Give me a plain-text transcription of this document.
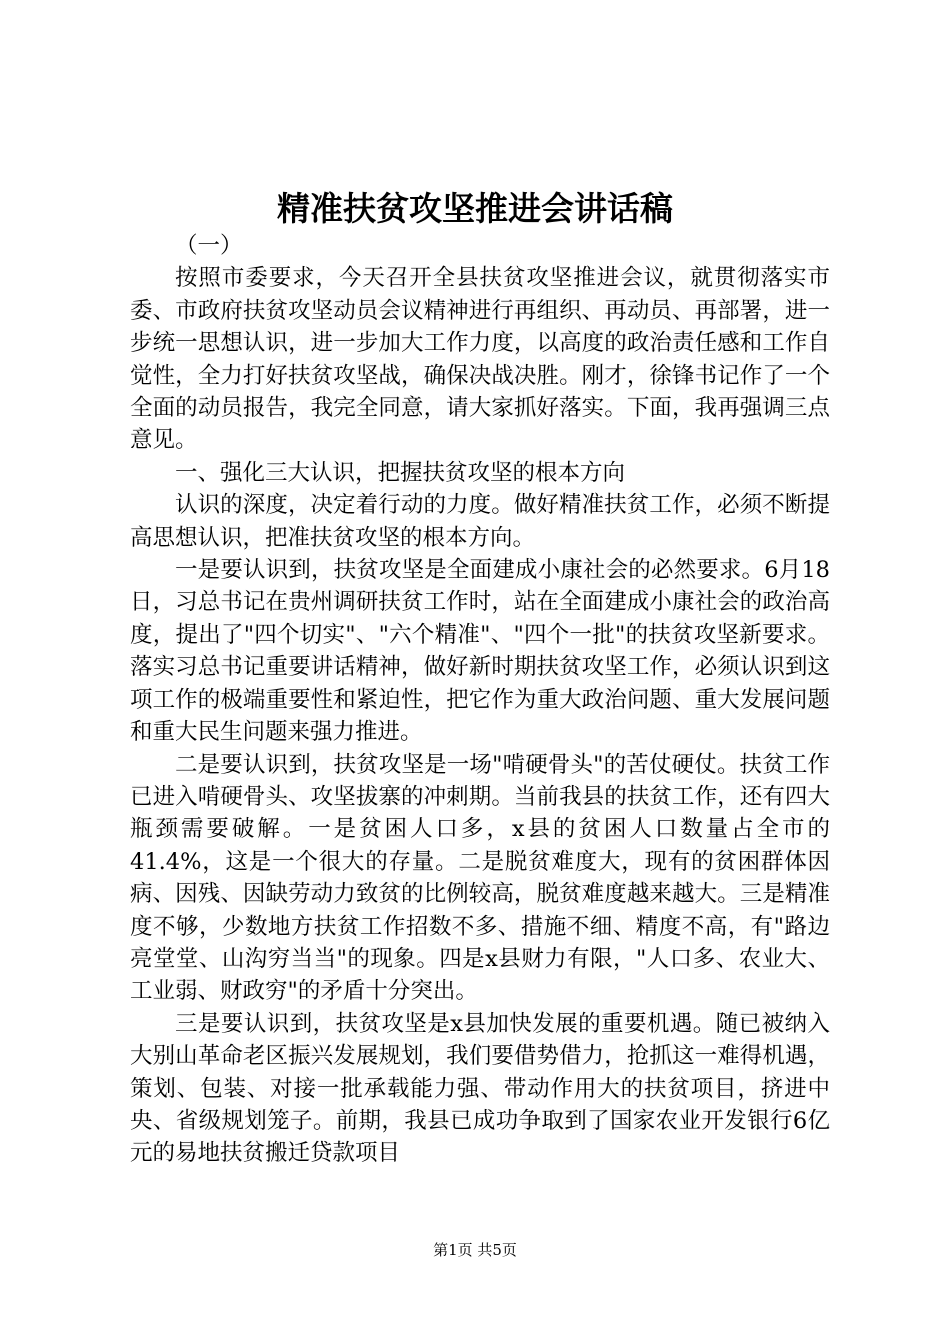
精准扶贫攻坚推进会讲话稿

（一）

按照市委要求，今天召开全县扶贫攻坚推进会议，就贯彻落实市委、市政府扶贫攻坚动员会议精神进行再组织、再动员、再部署，进一步统一思想认识，进一步加大工作力度，以高度的政治责任感和工作自觉性，全力打好扶贫攻坚战，确保决战决胜。刚才，徐锋书记作了一个全面的动员报告，我完全同意，请大家抓好落实。下面，我再强调三点意见。

一、强化三大认识，把握扶贫攻坚的根本方向

认识的深度，决定着行动的力度。做好精准扶贫工作，必须不断提高思想认识，把准扶贫攻坚的根本方向。

一是要认识到，扶贫攻坚是全面建成小康社会的必然要求。6月18日，习总书记在贵州调研扶贫工作时，站在全面建成小康社会的政治高度，提出了"四个切实"、"六个精准"、"四个一批"的扶贫攻坚新要求。落实习总书记重要讲话精神，做好新时期扶贫攻坚工作，必须认识到这项工作的极端重要性和紧迫性，把它作为重大政治问题、重大发展问题和重大民生问题来强力推进。

二是要认识到，扶贫攻坚是一场"啃硬骨头"的苦仗硬仗。扶贫工作已进入啃硬骨头、攻坚拔寨的冲刺期。当前我县的扶贫工作，还有四大瓶颈需要破解。一是贫困人口多，x县的贫困人口数量占全市的41.4%，这是一个很大的存量。二是脱贫难度大，现有的贫困群体因病、因残、因缺劳动力致贫的比例较高，脱贫难度越来越大。三是精准度不够，少数地方扶贫工作招数不多、措施不细、精度不高，有"路边亮堂堂、山沟穷当当"的现象。四是x县财力有限，"人口多、农业大、工业弱、财政穷"的矛盾十分突出。

三是要认识到，扶贫攻坚是x县加快发展的重要机遇。随已被纳入大别山革命老区振兴发展规划，我们要借势借力，抢抓这一难得机遇，策划、包装、对接一批承载能力强、带动作用大的扶贫项目，挤进中央、省级规划笼子。前期，我县已成功争取到了国家农业开发银行6亿元的易地扶贫搬迁贷款项目

第1页 共5页
